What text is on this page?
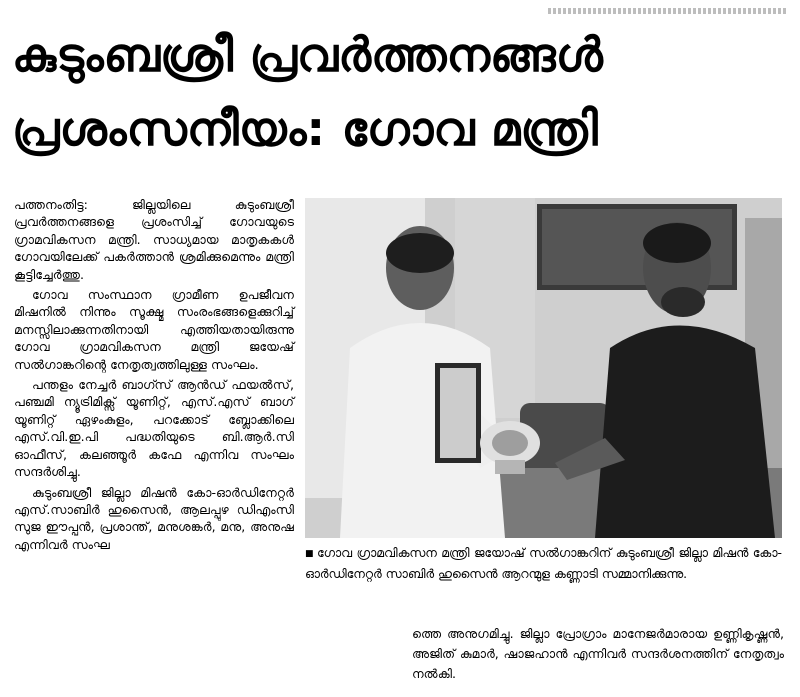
കുടുംബശ്രീ പ്രവർത്തനങ്ങൾ
പ്രശംസനീയം: ഗോവ മന്ത്രി

പത്തനംതിട്ട: ജില്ലയിലെ കുടുംബശ്രീ പ്രവർത്തനങ്ങളെ പ്രശംസിച്ച് ഗോവയുടെ ഗ്രാമവികസന മന്ത്രി. സാധ്യമായ മാതൃകകൾ ഗോവയിലേക്ക് പകർത്താൻ ശ്രമിക്കുമെന്നും മന്ത്രി കൂട്ടിച്ചേർത്തു.

ഗോവ സംസ്ഥാന ഗ്രാമീണ ഉപജീവന മിഷനിൽ നിന്നും സൂക്ഷ്മ സംരംഭങ്ങളെക്കുറിച്ച് മനസ്സിലാക്കുന്നതിനായി എത്തിയതായിരുന്നു ഗോവ ഗ്രാമവികസന മന്ത്രി ജയേഷ് സൽഗാങ്കറിന്റെ നേതൃത്വത്തിലുള്ള സംഘം.

പന്തളം നേച്ചർ ബാഗ്സ് ആൻഡ് ഫയൽസ്, പഞ്ചമി ന്യൂട്രിമിക്സ് യൂണിറ്റ്, എസ്.എസ് ബാഗ് യൂണിറ്റ് ഏഴംകുളം, പറക്കോട് ബ്ലോക്കിലെ എസ്.വി.ഇ.പി പദ്ധതിയുടെ ബി.ആർ.സി ഓഫീസ്, കലഞ്ഞൂർ കഫേ എന്നിവ സംഘം സന്ദർശിച്ചു.

കുടുംബശ്രീ ജില്ലാ മിഷൻ കോ-ഓർഡിനേറ്റർ എസ്.സാബിർ ഹുസൈൻ, ആലപ്പുഴ ഡിഎംസി സുജ ഈപ്പൻ, പ്രശാന്ത്, മനുശങ്കർ, മനു, അനുഷ എന്നിവർ സംഘ

■ ഗോവ ഗ്രാമവികസന മന്ത്രി ജയോഷ് സൽഗാങ്കറിന് കുടുംബശ്രീ ജില്ലാ മിഷൻ കോ-ഓർഡിനേറ്റർ സാബിർ ഹുസൈൻ ആറന്മുള കണ്ണാടി സമ്മാനിക്കുന്നു.

ത്തെ അനുഗമിച്ചു. ജില്ലാ പ്രോഗ്രാം മാനേജർമാരായ ഉണ്ണികൃഷ്ണൻ, അജിത് കുമാർ, ഷാജഹാൻ എന്നിവർ സന്ദർശനത്തിന് നേതൃത്വം നൽകി.
